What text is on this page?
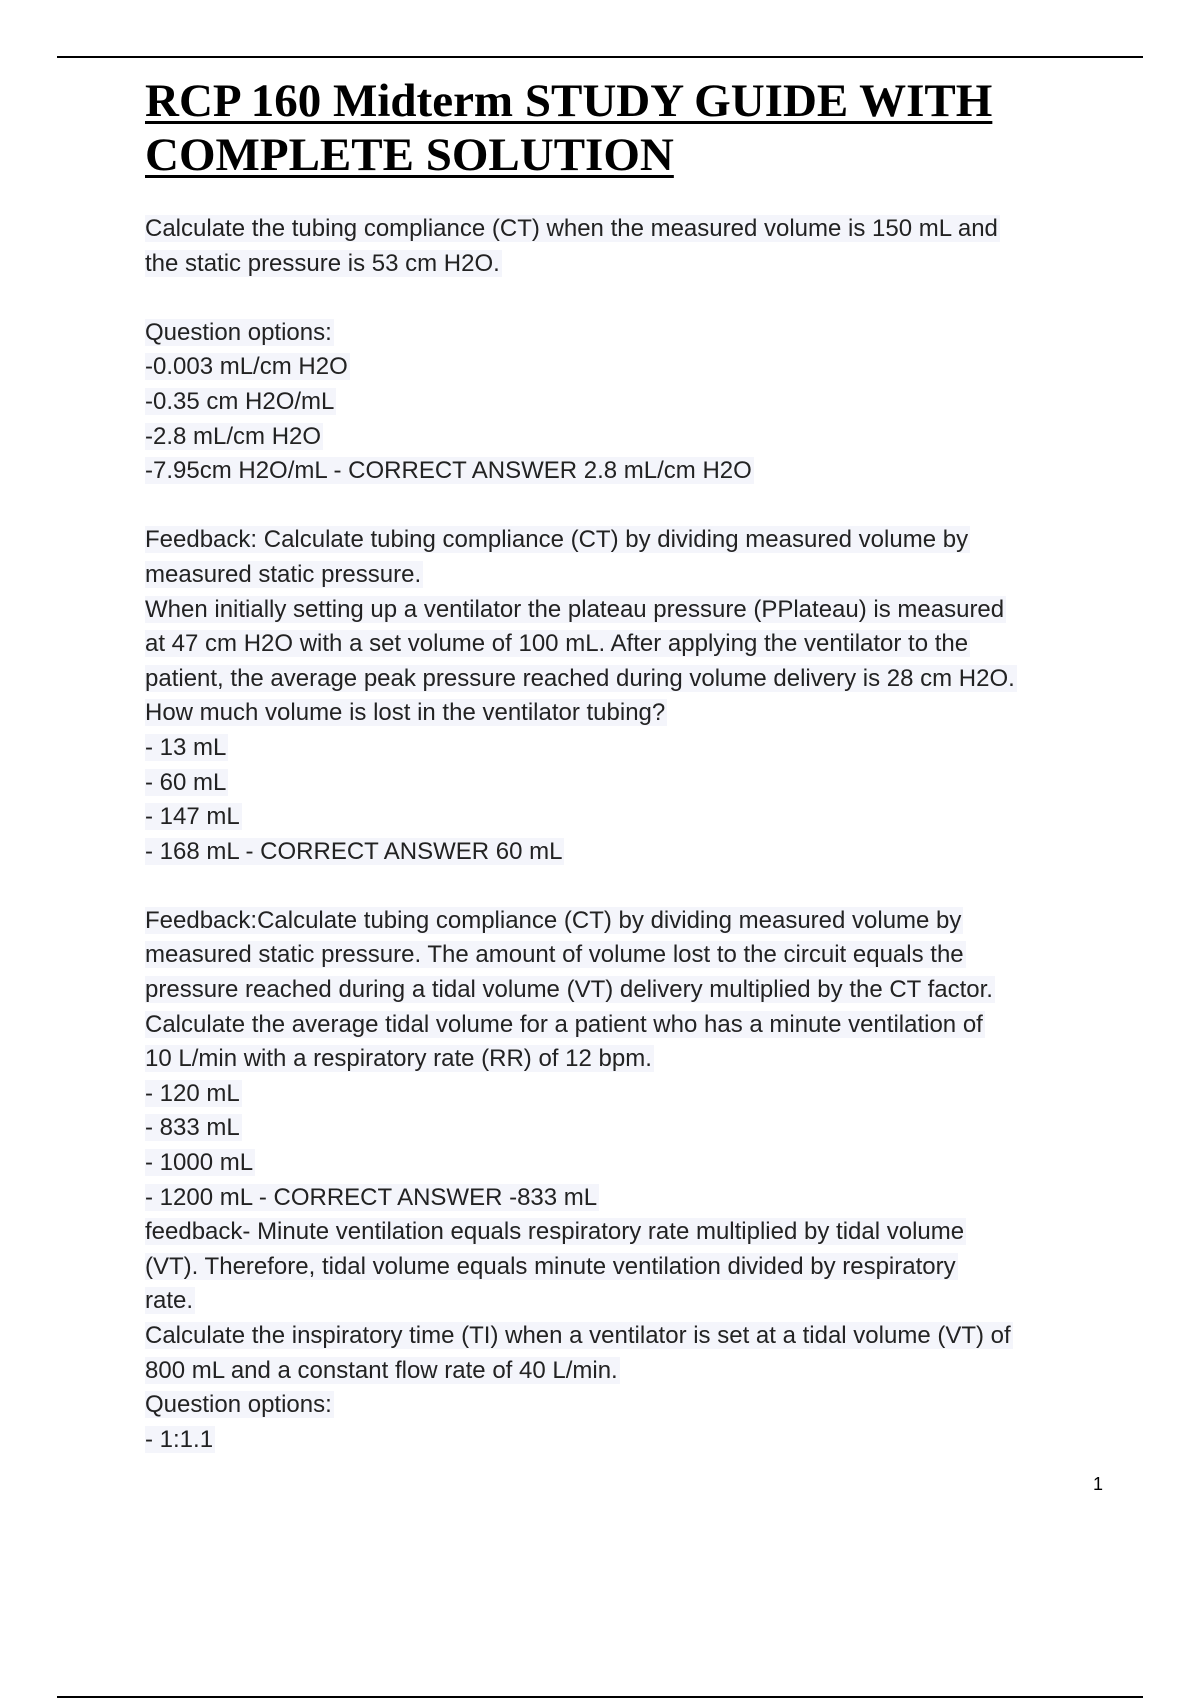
RCP 160 Midterm STUDY GUIDE WITH COMPLETE SOLUTION
Calculate the tubing compliance (CT) when the measured volume is 150 mL and
the static pressure is 53 cm H2O.
Question options:
-0.003 mL/cm H2O
-0.35 cm H2O/mL
-2.8 mL/cm H2O
-7.95cm H2O/mL - CORRECT ANSWER 2.8 mL/cm H2O
Feedback: Calculate tubing compliance (CT) by dividing measured volume by
measured static pressure.
When initially setting up a ventilator the plateau pressure (PPlateau) is measured
at 47 cm H2O with a set volume of 100 mL. After applying the ventilator to the
patient, the average peak pressure reached during volume delivery is 28 cm H2O.
How much volume is lost in the ventilator tubing?
- 13 mL
- 60 mL
- 147 mL
- 168 mL - CORRECT ANSWER 60 mL
Feedback:Calculate tubing compliance (CT) by dividing measured volume by
measured static pressure. The amount of volume lost to the circuit equals the
pressure reached during a tidal volume (VT) delivery multiplied by the CT factor.
Calculate the average tidal volume for a patient who has a minute ventilation of
10 L/min with a respiratory rate (RR) of 12 bpm.
- 120 mL
- 833 mL
- 1000 mL
- 1200 mL - CORRECT ANSWER -833 mL
feedback- Minute ventilation equals respiratory rate multiplied by tidal volume
(VT). Therefore, tidal volume equals minute ventilation divided by respiratory
rate.
Calculate the inspiratory time (TI) when a ventilator is set at a tidal volume (VT) of
800 mL and a constant flow rate of 40 L/min.
Question options:
- 1:1.1
1
